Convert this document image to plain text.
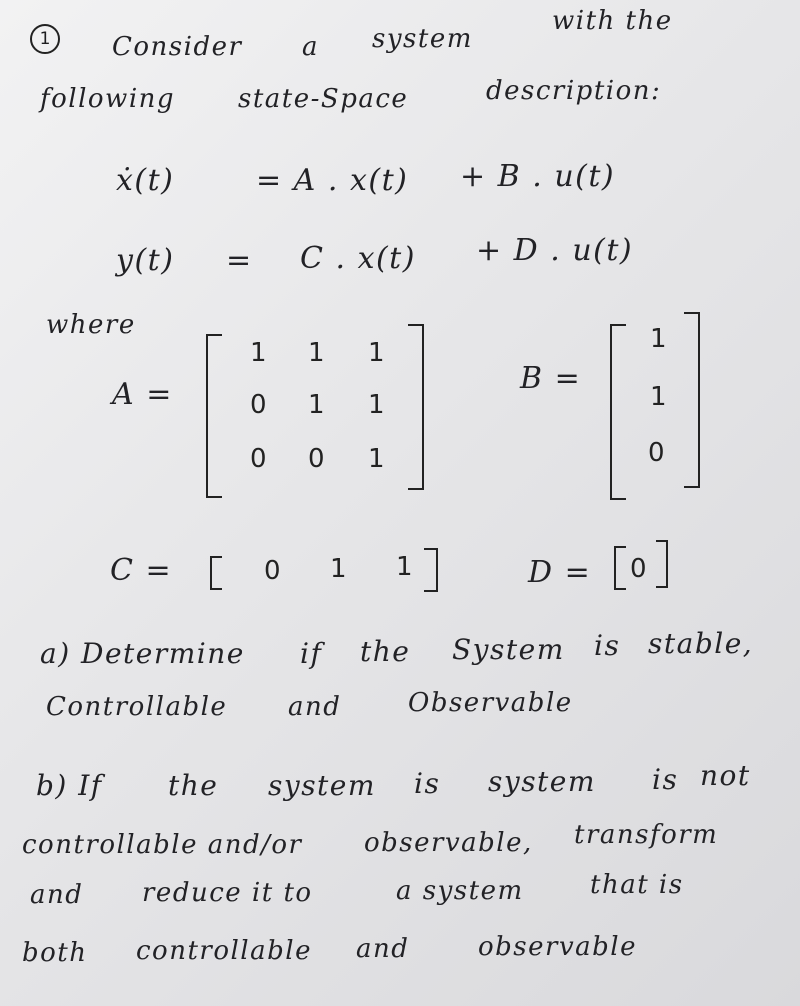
1	Consider a system
with the
following state-Space	description:
ẋ(t)	= A . x(t) + B . u(t)
y(t) = C . x(t) + D . u(t)
where
A =
1 1 1
0 1 1
0 0 1
B =
1
1
0
C =	0 1 1	D = 0
a) Determine if the System is stable,
Controllable and	Observable
b) If the system is system is not
controllable and/or observable, transform
and reduce it to	a system	that is
both controllable and	observable
